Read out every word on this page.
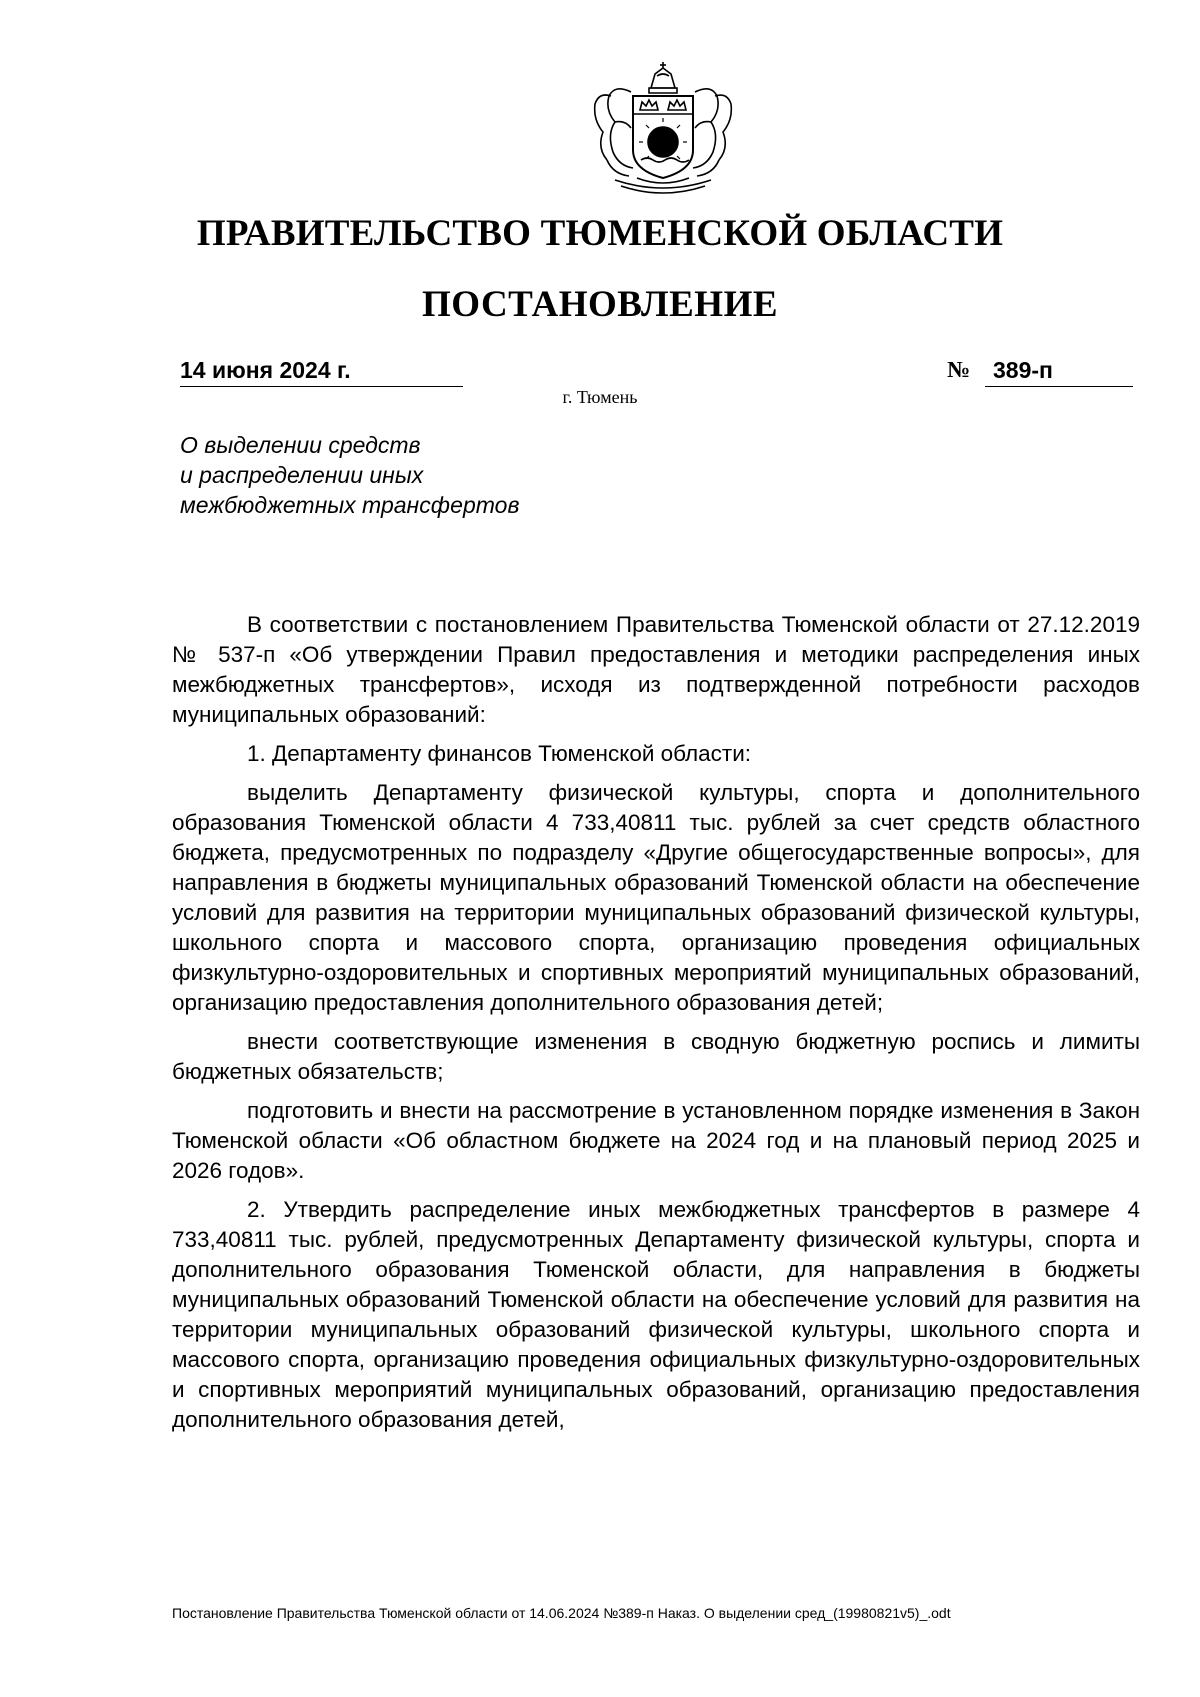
ПРАВИТЕЛЬСТВО ТЮМЕНСКОЙ ОБЛАСТИ
ПОСТАНОВЛЕНИЕ
14 июня 2024 г.	№ 389-п
г. Тюмень
О выделении средств
и распределении иных
межбюджетных трансфертов

В соответствии с постановлением Правительства Тюменской области от 27.12.2019 № 537-п «Об утверждении Правил предоставления и методики распределения иных межбюджетных трансфертов», исходя из подтвержденной потребности расходов муниципальных образований:

1. Департаменту финансов Тюменской области:

выделить Департаменту физической культуры, спорта и дополнительного образования Тюменской области 4 733,40811 тыс. рублей за счет средств областного бюджета, предусмотренных по подразделу «Другие общегосударственные вопросы», для направления в бюджеты муниципальных образований Тюменской области на обеспечение условий для развития на территории муниципальных образований физической культуры, школьного спорта и массового спорта, организацию проведения официальных физкультурно-оздоровительных и спортивных мероприятий муниципальных образований, организацию предоставления дополнительного образования детей;

внести соответствующие изменения в сводную бюджетную роспись и лимиты бюджетных обязательств;

подготовить и внести на рассмотрение в установленном порядке изменения в Закон Тюменской области «Об областном бюджете на 2024 год и на плановый период 2025 и 2026 годов».

2. Утвердить распределение иных межбюджетных трансфертов в размере 4 733,40811 тыс. рублей, предусмотренных Департаменту физической культуры, спорта и дополнительного образования Тюменской области, для направления в бюджеты муниципальных образований Тюменской области на обеспечение условий для развития на территории муниципальных образований физической культуры, школьного спорта и массового спорта, организацию проведения официальных физкультурно-оздоровительных и спортивных мероприятий муниципальных образований, организацию предоставления дополнительного образования детей,

Постановление Правительства Тюменской области от 14.06.2024 №389-п Наказ. О выделении сред_(19980821v5)_.odt
